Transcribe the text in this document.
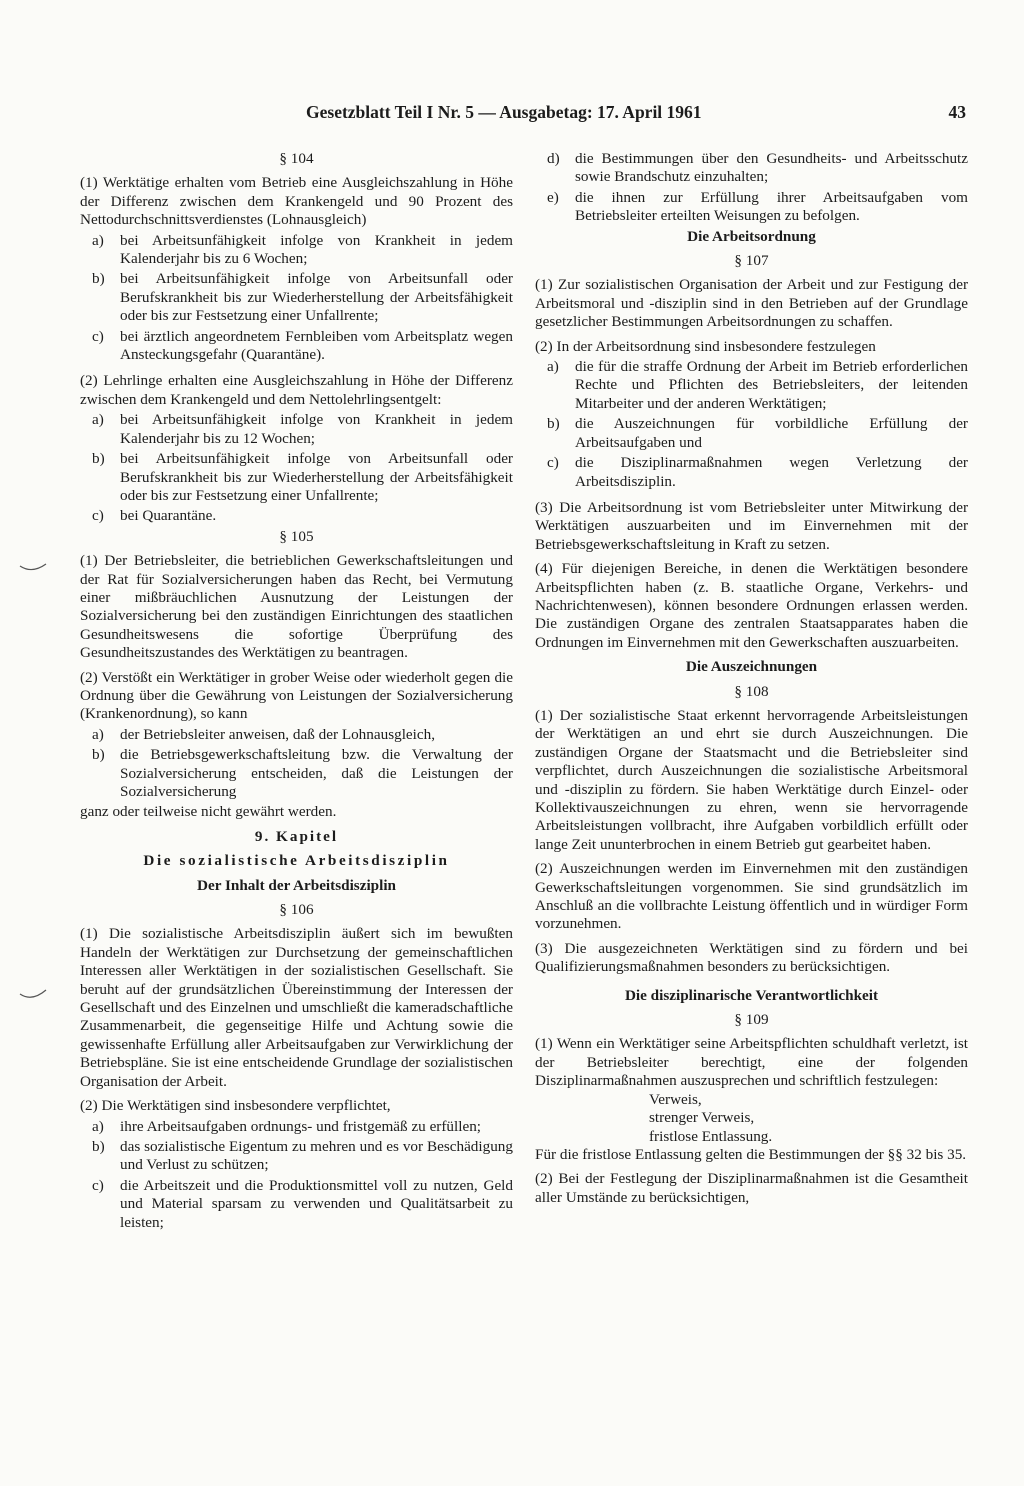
Gesetzblatt Teil I Nr. 5 — Ausgabetag: 17. April 1961	43

§ 104

(1) Werktätige erhalten vom Betrieb eine Ausgleichszahlung in Höhe der Differenz zwischen dem Krankengeld und 90 Prozent des Nettodurchschnittsverdienstes (Lohnausgleich)

a)	bei Arbeitsunfähigkeit infolge von Krankheit in jedem Kalenderjahr bis zu 6 Wochen;
b)	bei Arbeitsunfähigkeit infolge von Arbeitsunfall oder Berufskrankheit bis zur Wiederherstellung der Arbeitsfähigkeit oder bis zur Festsetzung einer Unfallrente;
c)	bei ärztlich angeordnetem Fernbleiben vom Arbeitsplatz wegen Ansteckungsgefahr (Quarantäne).

(2) Lehrlinge erhalten eine Ausgleichszahlung in Höhe der Differenz zwischen dem Krankengeld und dem Nettolehrlingsentgelt:

a)	bei Arbeitsunfähigkeit infolge von Krankheit in jedem Kalenderjahr bis zu 12 Wochen;
b)	bei Arbeitsunfähigkeit infolge von Arbeitsunfall oder Berufskrankheit bis zur Wiederherstellung der Arbeitsfähigkeit oder bis zur Festsetzung einer Unfallrente;
c)	bei Quarantäne.

§ 105

(1) Der Betriebsleiter, die betrieblichen Gewerkschaftsleitungen und der Rat für Sozialversicherungen haben das Recht, bei Vermutung einer mißbräuchlichen Ausnutzung der Leistungen der Sozialversicherung bei den zuständigen Einrichtungen des staatlichen Gesundheitswesens die sofortige Überprüfung des Gesundheitszustandes des Werktätigen zu beantragen.

(2) Verstößt ein Werktätiger in grober Weise oder wiederholt gegen die Ordnung über die Gewährung von Leistungen der Sozialversicherung (Krankenordnung), so kann

a)	der Betriebsleiter anweisen, daß der Lohnausgleich,
b)	die Betriebsgewerkschaftsleitung bzw. die Verwaltung der Sozialversicherung entscheiden, daß die Leistungen der Sozialversicherung

ganz oder teilweise nicht gewährt werden.

9. Kapitel

Die sozialistische Arbeitsdisziplin

Der Inhalt der Arbeitsdisziplin

§ 106

(1) Die sozialistische Arbeitsdisziplin äußert sich im bewußten Handeln der Werktätigen zur Durchsetzung der gemeinschaftlichen Interessen aller Werktätigen in der sozialistischen Gesellschaft. Sie beruht auf der grundsätzlichen Übereinstimmung der Interessen der Gesellschaft und des Einzelnen und umschließt die kameradschaftliche Zusammenarbeit, die gegenseitige Hilfe und Achtung sowie die gewissenhafte Erfüllung aller Arbeitsaufgaben zur Verwirklichung der Betriebspläne. Sie ist eine entscheidende Grundlage der sozialistischen Organisation der Arbeit.

(2) Die Werktätigen sind insbesondere verpflichtet,

a)	ihre Arbeitsaufgaben ordnungs- und fristgemäß zu erfüllen;
b)	das sozialistische Eigentum zu mehren und es vor Beschädigung und Verlust zu schützen;
c)	die Arbeitszeit und die Produktionsmittel voll zu nutzen, Geld und Material sparsam zu verwenden und Qualitätsarbeit zu leisten;
d)	die Bestimmungen über den Gesundheits- und Arbeitsschutz sowie Brandschutz einzuhalten;
e)	die ihnen zur Erfüllung ihrer Arbeitsaufgaben vom Betriebsleiter erteilten Weisungen zu befolgen.

Die Arbeitsordnung

§ 107

(1) Zur sozialistischen Organisation der Arbeit und zur Festigung der Arbeitsmoral und -disziplin sind in den Betrieben auf der Grundlage gesetzlicher Bestimmungen Arbeitsordnungen zu schaffen.

(2) In der Arbeitsordnung sind insbesondere festzulegen

a)	die für die straffe Ordnung der Arbeit im Betrieb erforderlichen Rechte und Pflichten des Betriebsleiters, der leitenden Mitarbeiter und der anderen Werktätigen;
b)	die Auszeichnungen für vorbildliche Erfüllung der Arbeitsaufgaben und
c)	die Disziplinarmaßnahmen wegen Verletzung der Arbeitsdisziplin.

(3) Die Arbeitsordnung ist vom Betriebsleiter unter Mitwirkung der Werktätigen auszuarbeiten und im Einvernehmen mit der Betriebsgewerkschaftsleitung in Kraft zu setzen.

(4) Für diejenigen Bereiche, in denen die Werktätigen besondere Arbeitspflichten haben (z. B. staatliche Organe, Verkehrs- und Nachrichtenwesen), können besondere Ordnungen erlassen werden. Die zuständigen Organe des zentralen Staatsapparates haben die Ordnungen im Einvernehmen mit den Gewerkschaften auszuarbeiten.

Die Auszeichnungen

§ 108

(1) Der sozialistische Staat erkennt hervorragende Arbeitsleistungen der Werktätigen an und ehrt sie durch Auszeichnungen. Die zuständigen Organe der Staatsmacht und die Betriebsleiter sind verpflichtet, durch Auszeichnungen die sozialistische Arbeitsmoral und -disziplin zu fördern. Sie haben Werktätige durch Einzel- oder Kollektivauszeichnungen zu ehren, wenn sie hervorragende Arbeitsleistungen vollbracht, ihre Aufgaben vorbildlich erfüllt oder lange Zeit ununterbrochen in einem Betrieb gut gearbeitet haben.

(2) Auszeichnungen werden im Einvernehmen mit den zuständigen Gewerkschaftsleitungen vorgenommen. Sie sind grundsätzlich im Anschluß an die vollbrachte Leistung öffentlich und in würdiger Form vorzunehmen.

(3) Die ausgezeichneten Werktätigen sind zu fördern und bei Qualifizierungsmaßnahmen besonders zu berücksichtigen.

Die disziplinarische Verantwortlichkeit

§ 109

(1) Wenn ein Werktätiger seine Arbeitspflichten schuldhaft verletzt, ist der Betriebsleiter berechtigt, eine der folgenden Disziplinarmaßnahmen auszusprechen und schriftlich festzulegen:

Verweis,
strenger Verweis,
fristlose Entlassung.

Für die fristlose Entlassung gelten die Bestimmungen der §§ 32 bis 35.

(2) Bei der Festlegung der Disziplinarmaßnahmen ist die Gesamtheit aller Umstände zu berücksichtigen,
